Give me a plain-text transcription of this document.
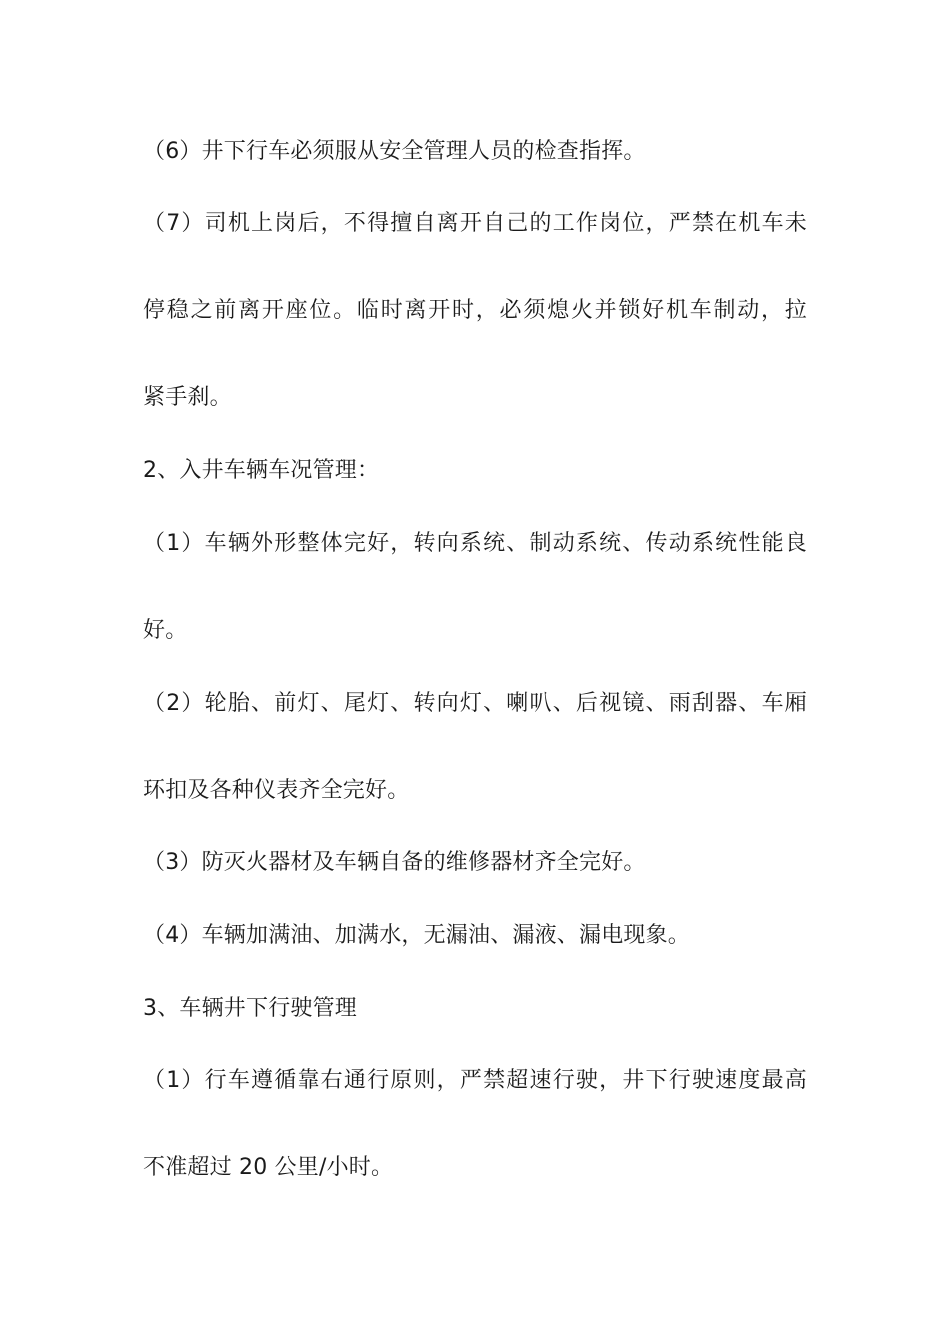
（6）井下行车必须服从安全管理人员的检查指挥。
（7）司机上岗后，不得擅自离开自己的工作岗位，严禁在机车未
停稳之前离开座位。临时离开时，必须熄火并锁好机车制动，拉
紧手刹。
2、入井车辆车况管理：
（1）车辆外形整体完好，转向系统、制动系统、传动系统性能良
好。
（2）轮胎、前灯、尾灯、转向灯、喇叭、后视镜、雨刮器、车厢
环扣及各种仪表齐全完好。
（3）防灭火器材及车辆自备的维修器材齐全完好。
（4）车辆加满油、加满水，无漏油、漏液、漏电现象。
3、车辆井下行驶管理
（1）行车遵循靠右通行原则，严禁超速行驶，井下行驶速度最高
不准超过 20 公里/小时。
